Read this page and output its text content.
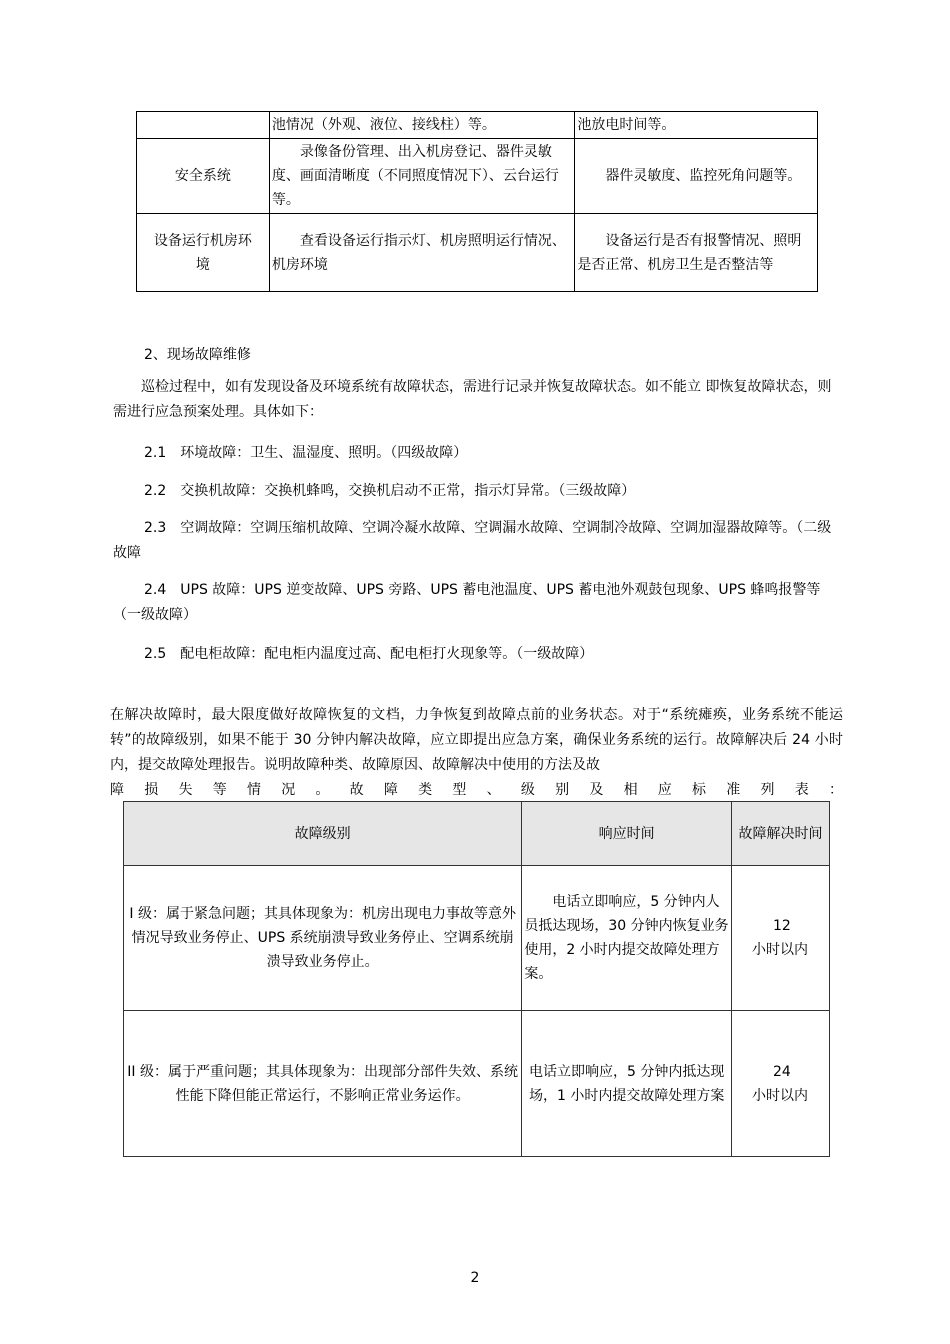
	池情况（外观、液位、接线柱）等。	池放电时间等。
安全系统	录像备份管理、出入机房登记、器件灵敏度、画面清晰度（不同照度情况下）、云台运行等。	器件灵敏度、监控死角问题等。
设备运行机房环境	查看设备运行指示灯、机房照明运行情况、机房环境	设备运行是否有报警情况、照明是否正常、机房卫生是否整洁等
2、现场故障维修
巡检过程中，如有发现设备及环境系统有故障状态，需进行记录并恢复故障状态。如不能立 即恢复故障状态，则需进行应急预案处理。具体如下：
2.1　环境故障：卫生、温湿度、照明。（四级故障）
2.2　交换机故障：交换机蜂鸣，交换机启动不正常，指示灯异常。（三级故障）
2.3　空调故障：空调压缩机故障、空调冷凝水故障、空调漏水故障、空调制冷故障、空调加湿器故障等。（二级故障
2.4　UPS 故障：UPS 逆变故障、UPS 旁路、UPS 蓄电池温度、UPS 蓄电池外观鼓包现象、UPS 蜂鸣报警等（一级故障）
2.5　配电柜故障：配电柜内温度过高、配电柜打火现象等。（一级故障）
在解决故障时，最大限度做好故障恢复的文档，力争恢复到故障点前的业务状态。对于“系统瘫痪，业务系统不能运转”的故障级别，如果不能于 30 分钟内解决故障，应立即提出应急方案，确保业务系统的运行。故障解决后 24 小时内，提交故障处理报告。说明故障种类、故障原因、故障解决中使用的方法及故
障损失等情况。故障类型、级别及相应标准列表：
故障级别	响应时间	故障解决时间
I 级：属于紧急问题；其具体现象为：机房出现电力事故等意外情况导致业务停止、UPS 系统崩溃导致业务停止、空调系统崩溃导致业务停止。	电话立即响应，5 分钟内人员抵达现场，30 分钟内恢复业务使用，2 小时内提交故障处理方案。	12 小时以内
II 级：属于严重问题；其具体现象为：出现部分部件失效、系统性能下降但能正常运行，不影响正常业务运作。	电话立即响应，5 分钟内抵达现场，1 小时内提交故障处理方案	24 小时以内
2
